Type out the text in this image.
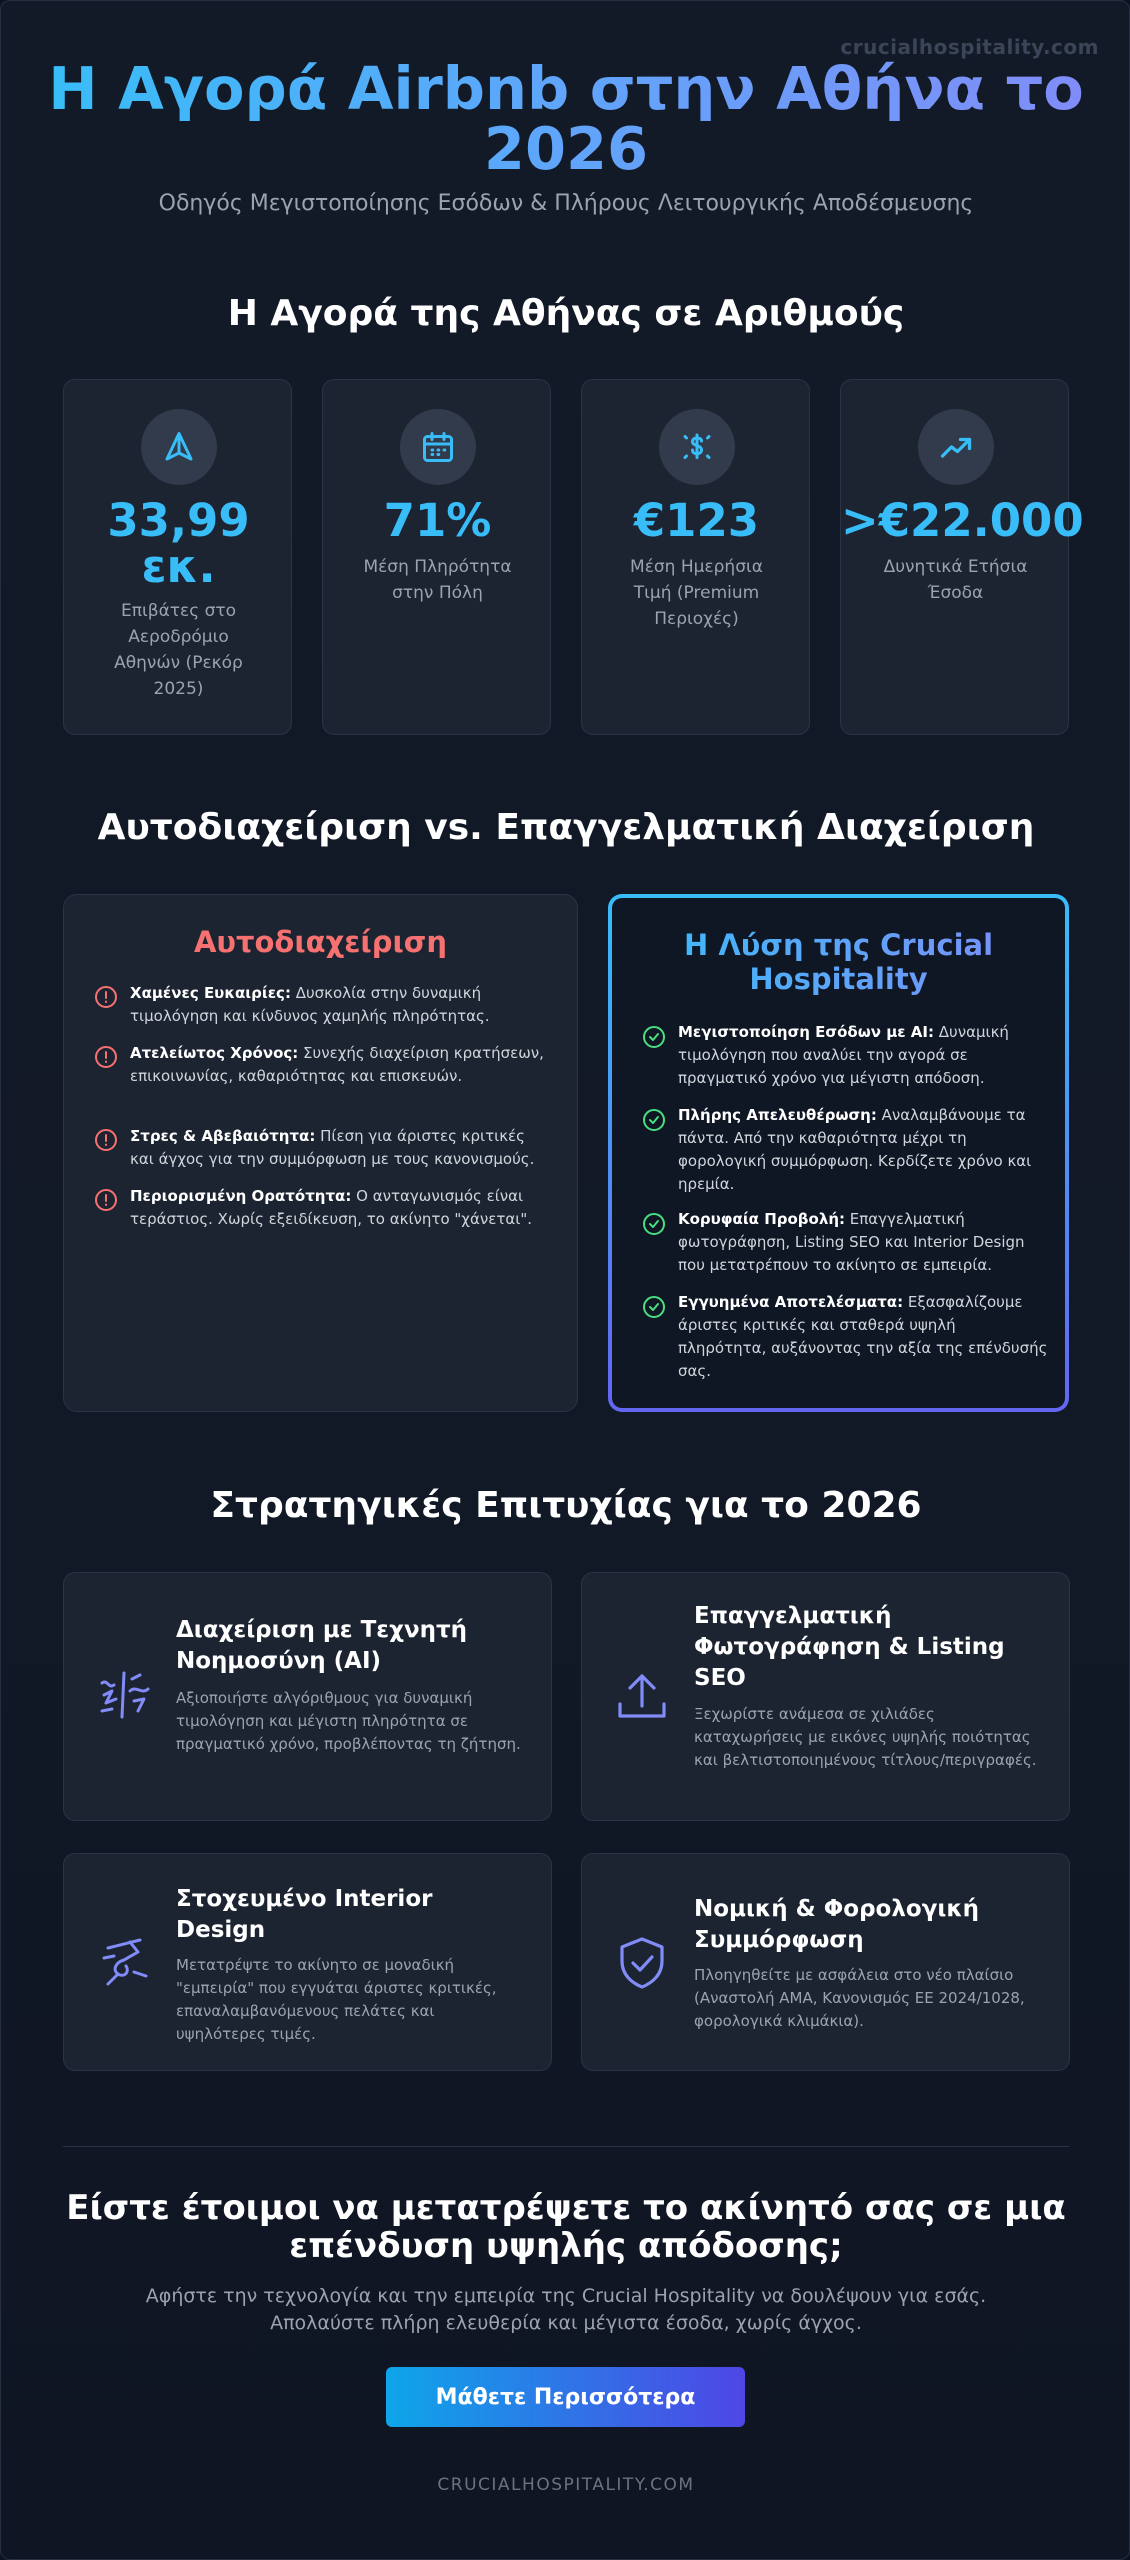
crucialhospitality.com
Η Αγορά Airbnb στην Αθήνα το 2026
Οδηγός Μεγιστοποίησης Εσόδων & Πλήρους Λειτουργικής Αποδέσμευσης
Η Αγορά της Αθήνας σε Αριθμούς
33,99 εκ.
Επιβάτες στο Αεροδρόμιο Αθηνών (Ρεκόρ 2025)
71%
Μέση Πληρότητα στην Πόλη
€123
Μέση Ημερήσια Τιμή (Premium Περιοχές)
>€22.000
Δυνητικά Ετήσια Έσοδα
Αυτοδιαχείριση vs. Επαγγελματική Διαχείριση
Αυτοδιαχείριση
Χαμένες Ευκαιρίες: Δυσκολία στην δυναμική τιμολόγηση και κίνδυνος χαμηλής πληρότητας.
Ατελείωτος Χρόνος: Συνεχής διαχείριση κρατήσεων, επικοινωνίας, καθαριότητας και επισκευών.
Στρες & Αβεβαιότητα: Πίεση για άριστες κριτικές και άγχος για την συμμόρφωση με τους κανονισμούς.
Περιορισμένη Ορατότητα: Ο ανταγωνισμός είναι τεράστιος. Χωρίς εξειδίκευση, το ακίνητο "χάνεται".
Η Λύση της Crucial Hospitality
Μεγιστοποίηση Εσόδων με AI: Δυναμική τιμολόγηση που αναλύει την αγορά σε πραγματικό χρόνο για μέγιστη απόδοση.
Πλήρης Απελευθέρωση: Αναλαμβάνουμε τα πάντα. Από την καθαριότητα μέχρι τη φορολογική συμμόρφωση. Κερδίζετε χρόνο και ηρεμία.
Κορυφαία Προβολή: Επαγγελματική φωτογράφηση, Listing SEO και Interior Design που μετατρέπουν το ακίνητο σε εμπειρία.
Εγγυημένα Αποτελέσματα: Εξασφαλίζουμε άριστες κριτικές και σταθερά υψηλή πληρότητα, αυξάνοντας την αξία της επένδυσής σας.
Στρατηγικές Επιτυχίας για το 2026
Διαχείριση με Τεχνητή Νοημοσύνη (AI)
Αξιοποιήστε αλγόριθμους για δυναμική τιμολόγηση και μέγιστη πληρότητα σε πραγματικό χρόνο, προβλέποντας τη ζήτηση.
Επαγγελματική Φωτογράφηση & Listing SEO
Ξεχωρίστε ανάμεσα σε χιλιάδες καταχωρήσεις με εικόνες υψηλής ποιότητας και βελτιστοποιημένους τίτλους/περιγραφές.
Στοχευμένο Interior Design
Μετατρέψτε το ακίνητο σε μοναδική "εμπειρία" που εγγυάται άριστες κριτικές, επαναλαμβανόμενους πελάτες και υψηλότερες τιμές.
Νομική & Φορολογική Συμμόρφωση
Πλοηγηθείτε με ασφάλεια στο νέο πλαίσιο (Αναστολή ΑΜΑ, Κανονισμός ΕΕ 2024/1028, φορολογικά κλιμάκια).
Είστε έτοιμοι να μετατρέψετε το ακίνητό σας σε μια επένδυση υψηλής απόδοσης;
Αφήστε την τεχνολογία και την εμπειρία της Crucial Hospitality να δουλέψουν για εσάς.
Απολαύστε πλήρη ελευθερία και μέγιστα έσοδα, χωρίς άγχος.
Μάθετε Περισσότερα
CRUCIALHOSPITALITY.COM
